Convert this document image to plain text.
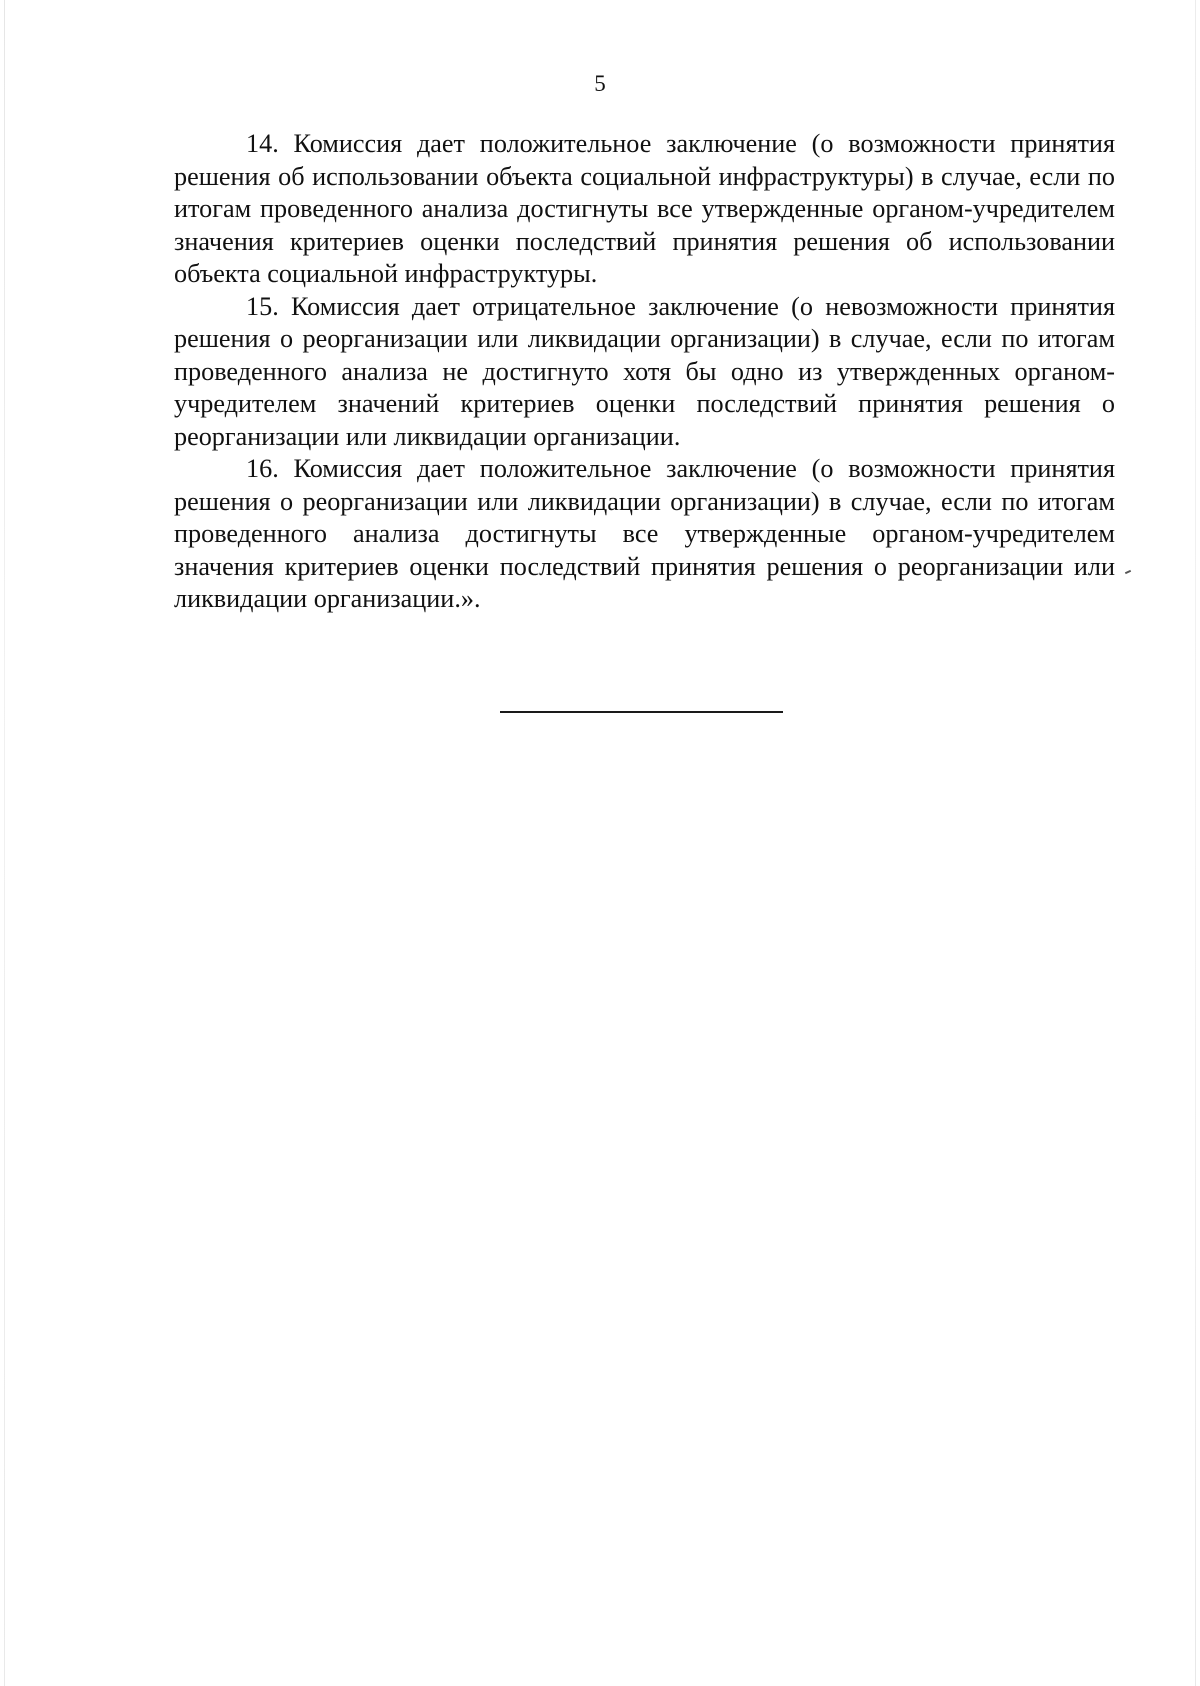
5

14. Комиссия дает положительное заключение (о возможности принятия решения об использовании объекта социальной инфраструктуры) в случае, если по итогам проведенного анализа достигнуты все утвержденные органом-учредителем значения критериев оценки последствий принятия решения об использовании объекта социальной инфраструктуры.

15. Комиссия дает отрицательное заключение (о невозможности принятия решения о реорганизации или ликвидации организации) в случае, если по итогам проведенного анализа не достигнуто хотя бы одно из утвержденных органом-учредителем значений критериев оценки последствий принятия решения о реорганизации или ликвидации организации.

16. Комиссия дает положительное заключение (о возможности принятия решения о реорганизации или ликвидации организации) в случае, если по итогам проведенного анализа достигнуты все утвержденные органом-учредителем значения критериев оценки последствий принятия решения о реорганизации или ликвидации организации.».
